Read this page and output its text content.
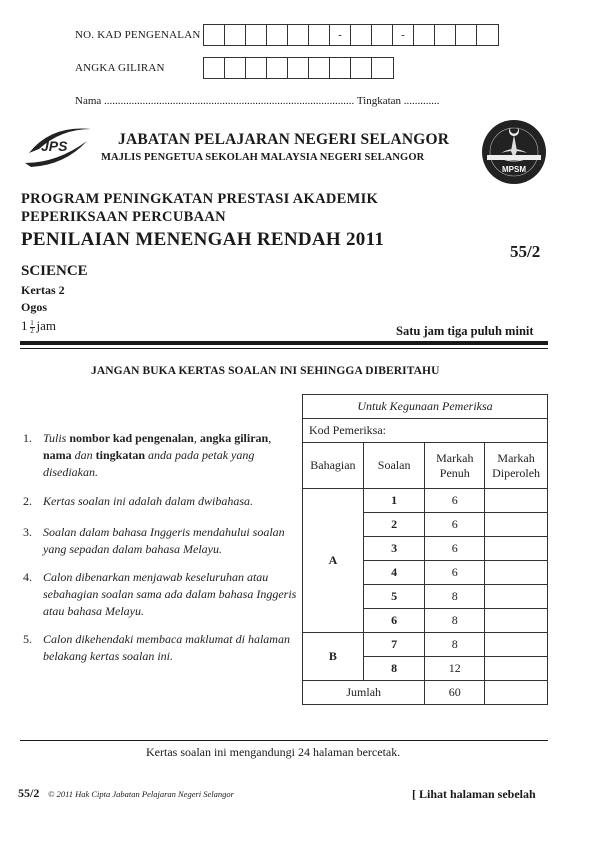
NO. KAD PENGENALAN	-	-
ANGKA GILIRAN
Nama ........................................................................................... Tingkatan .............
JPS	JABATAN PELAJARAN NEGERI SELANGOR
MAJLIS PENGETUA SEKOLAH MALAYSIA NEGERI SELANGOR
MPSM
PROGRAM PENINGKATAN PRESTASI AKADEMIK
PEPERIKSAAN PERCUBAAN
PENILAIAN MENENGAH RENDAH 2011
55/2
SCIENCE
Kertas 2
Ogos
$1 \frac{1}{2}$ jam	Satu jam tiga puluh minit
JANGAN BUKA KERTAS SOALAN INI SEHINGGA DIBERITAHU
1. Tulis nombor kad pengenalan, angka giliran, nama dan tingkatan anda pada petak yang disediakan.
2. Kertas soalan ini adalah dalam dwibahasa.
3. Soalan dalam bahasa Inggeris mendahului soalan yang sepadan dalam bahasa Melayu.
4. Calon dibenarkan menjawab keseluruhan atau sebahagian soalan sama ada dalam bahasa Inggeris atau bahasa Melayu.
5. Calon dikehendaki membaca maklumat di halaman belakang kertas soalan ini.
Untuk Kegunaan Pemeriksa			
Kod Pemeriksa:			
Bahagian	Soalan	Markah Penuh	Markah Diperoleh
A	1	6	
	2	6	
	3	6	
	4	6	
	5	8	
	6	8	
B	7	8	
	8	12	
Jumlah		60	
Kertas soalan ini mengandungi 24 halaman bercetak.
55/2 © 2011 Hak Cipta Jabatan Pelajaran Negeri Selangor	[ Lihat halaman sebelah
